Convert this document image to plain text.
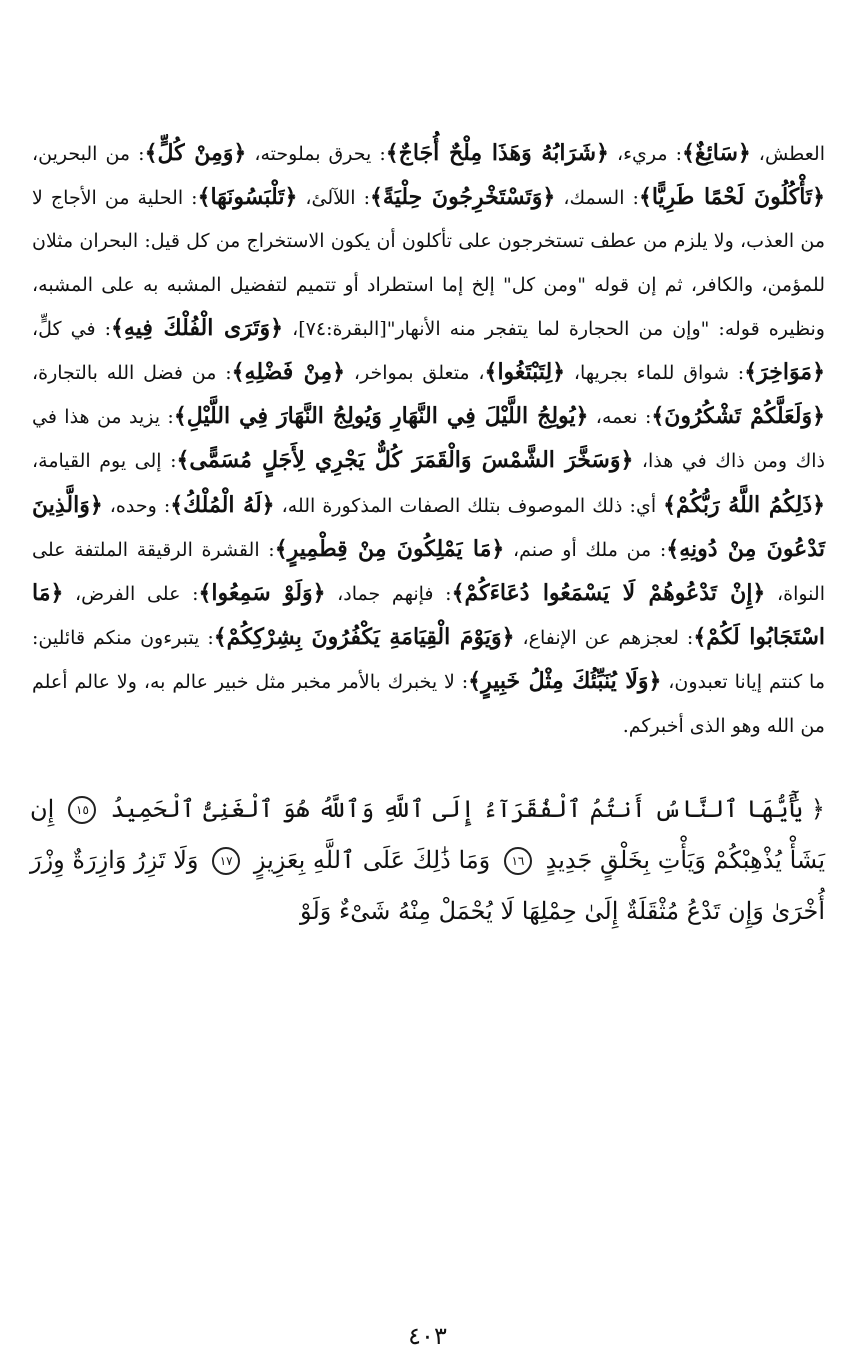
العطش، ﴿سَائِغٌ﴾: مريء، ﴿شَرَابُهُ وَهَذَا مِلْحٌ أُجَاجٌ﴾: يحرق بملوحته، ﴿وَمِنْ كُلٍّ﴾: من البحرين، ﴿تَأْكُلُونَ لَحْمًا طَرِيًّا﴾: السمك، ﴿وَتَسْتَخْرِجُونَ حِلْيَةً﴾: اللآلئ، ﴿تَلْبَسُونَهَا﴾: الحلية من الأجاج لا من العذب، ولا يلزم من عطف تستخرجون على تأكلون أن يكون الاستخراج من كل قيل: البحران مثلان للمؤمن، والكافر، ثم إن قوله "ومن كل" إلخ إما استطراد أو تتميم لتفضيل المشبه به على المشبه، ونظيره قوله: "وإن من الحجارة لما يتفجر منه الأنهار"[البقرة:٧٤]، ﴿وَتَرَى الْفُلْكَ فِيهِ﴾: في كلٍّ، ﴿مَوَاخِرَ﴾: شواق للماء بجريها، ﴿لِتَبْتَغُوا﴾، متعلق بمواخر، ﴿مِنْ فَضْلِهِ﴾: من فضل الله بالتجارة، ﴿وَلَعَلَّكُمْ تَشْكُرُونَ﴾: نعمه، ﴿يُولِجُ اللَّيْلَ فِي النَّهَارِ وَيُولِجُ النَّهَارَ فِي اللَّيْلِ﴾: يزيد من هذا في ذاك ومن ذاك في هذا، ﴿وَسَخَّرَ الشَّمْسَ وَالْقَمَرَ كُلٌّ يَجْرِي لِأَجَلٍ مُسَمًّى﴾: إلى يوم القيامة، ﴿ذَلِكُمُ اللَّهُ رَبُّكُمْ﴾ أي: ذلك الموصوف بتلك الصفات المذكورة الله، ﴿لَهُ الْمُلْكُ﴾: وحده، ﴿وَالَّذِينَ تَدْعُونَ مِنْ دُونِهِ﴾: من ملك أو صنم، ﴿مَا يَمْلِكُونَ مِنْ قِطْمِيرٍ﴾: القشرة الرقيقة الملتفة على النواة، ﴿إِنْ تَدْعُوهُمْ لَا يَسْمَعُوا دُعَاءَكُمْ﴾: فإنهم جماد، ﴿وَلَوْ سَمِعُوا﴾: على الفرض، ﴿مَا اسْتَجَابُوا لَكُمْ﴾: لعجزهم عن الإنفاع، ﴿وَيَوْمَ الْقِيَامَةِ يَكْفُرُونَ بِشِرْكِكُمْ﴾: يتبرءون منكم قائلين: ما كنتم إيانا تعبدون، ﴿وَلَا يُنَبِّئُكَ مِثْلُ خَبِيرٍ﴾: لا يخبرك بالأمر مخبر مثل خبير عالم به، ولا عالم أعلم من الله وهو الذى أخبركم.
﴿ يَٰٓأَيُّهَا ٱلنَّاسُ أَنتُمُ ٱلْفُقَرَآءُ إِلَى ٱللَّهِ وَٱللَّهُ هُوَ ٱلْغَنِىُّ ٱلْحَمِيدُ ١٥ إِن يَشَأْ يُذْهِبْكُمْ وَيَأْتِ بِخَلْقٍ جَدِيدٍ ١٦ وَمَا ذَٰلِكَ عَلَى ٱللَّهِ بِعَزِيزٍ ١٧ وَلَا تَزِرُ وَازِرَةٌ وِزْرَ أُخْرَىٰ وَإِن تَدْعُ مُثْقَلَةٌ إِلَىٰ حِمْلِهَا لَا يُحْمَلْ مِنْهُ شَىْءٌ وَلَوْ
٤٠٣
